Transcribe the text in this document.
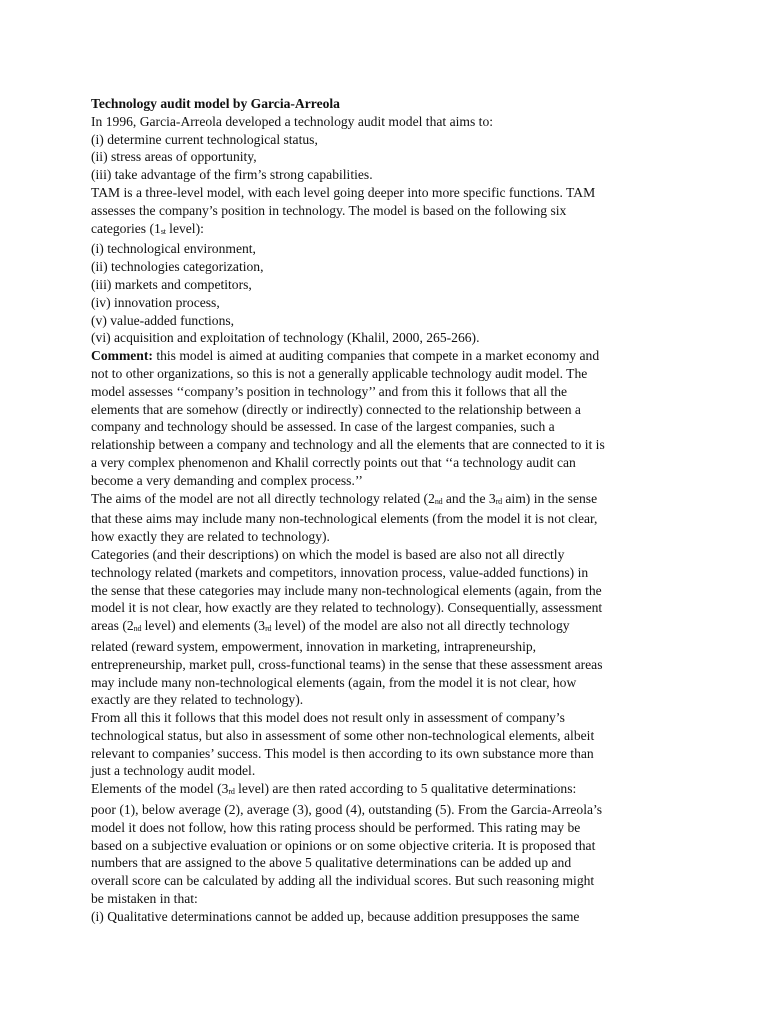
Technology audit model by Garcia-Arreola
In 1996, Garcia-Arreola developed a technology audit model that aims to:
(i) determine current technological status,
(ii) stress areas of opportunity,
(iii) take advantage of the firm’s strong capabilities.
TAM is a three-level model, with each level going deeper into more specific functions. TAM
assesses the company’s position in technology. The model is based on the following six
categories (1st level):
(i) technological environment,
(ii) technologies categorization,
(iii) markets and competitors,
(iv) innovation process,
(v) value-added functions,
(vi) acquisition and exploitation of technology (Khalil, 2000, 265-266).
Comment: this model is aimed at auditing companies that compete in a market economy and
not to other organizations, so this is not a generally applicable technology audit model. The
model assesses ‘‘company’s position in technology’’ and from this it follows that all the
elements that are somehow (directly or indirectly) connected to the relationship between a
company and technology should be assessed. In case of the largest companies, such a
relationship between a company and technology and all the elements that are connected to it is
a very complex phenomenon and Khalil correctly points out that ‘‘a technology audit can
become a very demanding and complex process.’’
The aims of the model are not all directly technology related (2nd and the 3rd aim) in the sense
that these aims may include many non-technological elements (from the model it is not clear,
how exactly they are related to technology).
Categories (and their descriptions) on which the model is based are also not all directly
technology related (markets and competitors, innovation process, value-added functions) in
the sense that these categories may include many non-technological elements (again, from the
model it is not clear, how exactly are they related to technology). Consequentially, assessment
areas (2nd level) and elements (3rd level) of the model are also not all directly technology
related (reward system, empowerment, innovation in marketing, intrapreneurship,
entrepreneurship, market pull, cross-functional teams) in the sense that these assessment areas
may include many non-technological elements (again, from the model it is not clear, how
exactly are they related to technology).
From all this it follows that this model does not result only in assessment of company’s
technological status, but also in assessment of some other non-technological elements, albeit
relevant to companies’ success. This model is then according to its own substance more than
just a technology audit model.
Elements of the model (3rd level) are then rated according to 5 qualitative determinations:
poor (1), below average (2), average (3), good (4), outstanding (5). From the Garcia-Arreola’s
model it does not follow, how this rating process should be performed. This rating may be
based on a subjective evaluation or opinions or on some objective criteria. It is proposed that
numbers that are assigned to the above 5 qualitative determinations can be added up and
overall score can be calculated by adding all the individual scores. But such reasoning might
be mistaken in that:
(i) Qualitative determinations cannot be added up, because addition presupposes the same
